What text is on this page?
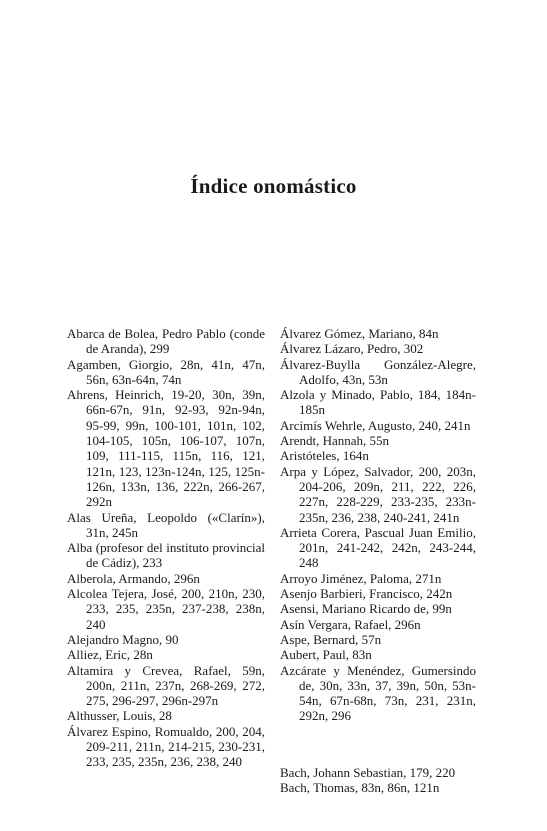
Índice onomástico

Abarca de Bolea, Pedro Pablo (conde de Aranda), 299

Agamben, Giorgio, 28n, 41n, 47n, 56n, 63n-64n, 74n

Ahrens, Heinrich, 19-20, 30n, 39n, 66n-67n, 91n, 92-93, 92n-94n, 95-99, 99n, 100-101, 101n, 102, 104-105, 105n, 106-107, 107n, 109, 111-115, 115n, 116, 121, 121n, 123, 123n-124n, 125, 125n-126n, 133n, 136, 222n, 266-267, 292n

Alas Ureña, Leopoldo («Clarín»), 31n, 245n

Alba (profesor del instituto provincial de Cádiz), 233

Alberola, Armando, 296n

Alcolea Tejera, José, 200, 210n, 230, 233, 235, 235n, 237-238, 238n, 240

Alejandro Magno, 90

Alliez, Eric, 28n

Altamira y Crevea, Rafael, 59n, 200n, 211n, 237n, 268-269, 272, 275, 296-297, 296n-297n

Althusser, Louis, 28

Álvarez Espino, Romualdo, 200, 204, 209-211, 211n, 214-215, 230-231, 233, 235, 235n, 236, 238, 240

Álvarez Gómez, Mariano, 84n

Álvarez Lázaro, Pedro, 302

Álvarez-Buylla González-Alegre, Adolfo, 43n, 53n

Alzola y Minado, Pablo, 184, 184n-185n

Arcimís Wehrle, Augusto, 240, 241n

Arendt, Hannah, 55n

Aristóteles, 164n

Arpa y López, Salvador, 200, 203n, 204-206, 209n, 211, 222, 226, 227n, 228-229, 233-235, 233n-235n, 236, 238, 240-241, 241n

Arrieta Corera, Pascual Juan Emilio, 201n, 241-242, 242n, 243-244, 248

Arroyo Jiménez, Paloma, 271n

Asenjo Barbieri, Francisco, 242n

Asensi, Mariano Ricardo de, 99n

Asín Vergara, Rafael, 296n

Aspe, Bernard, 57n

Aubert, Paul, 83n

Azcárate y Menéndez, Gumersindo de, 30n, 33n, 37, 39n, 50n, 53n-54n, 67n-68n, 73n, 231, 231n, 292n, 296

Bach, Johann Sebastian, 179, 220

Bach, Thomas, 83n, 86n, 121n
